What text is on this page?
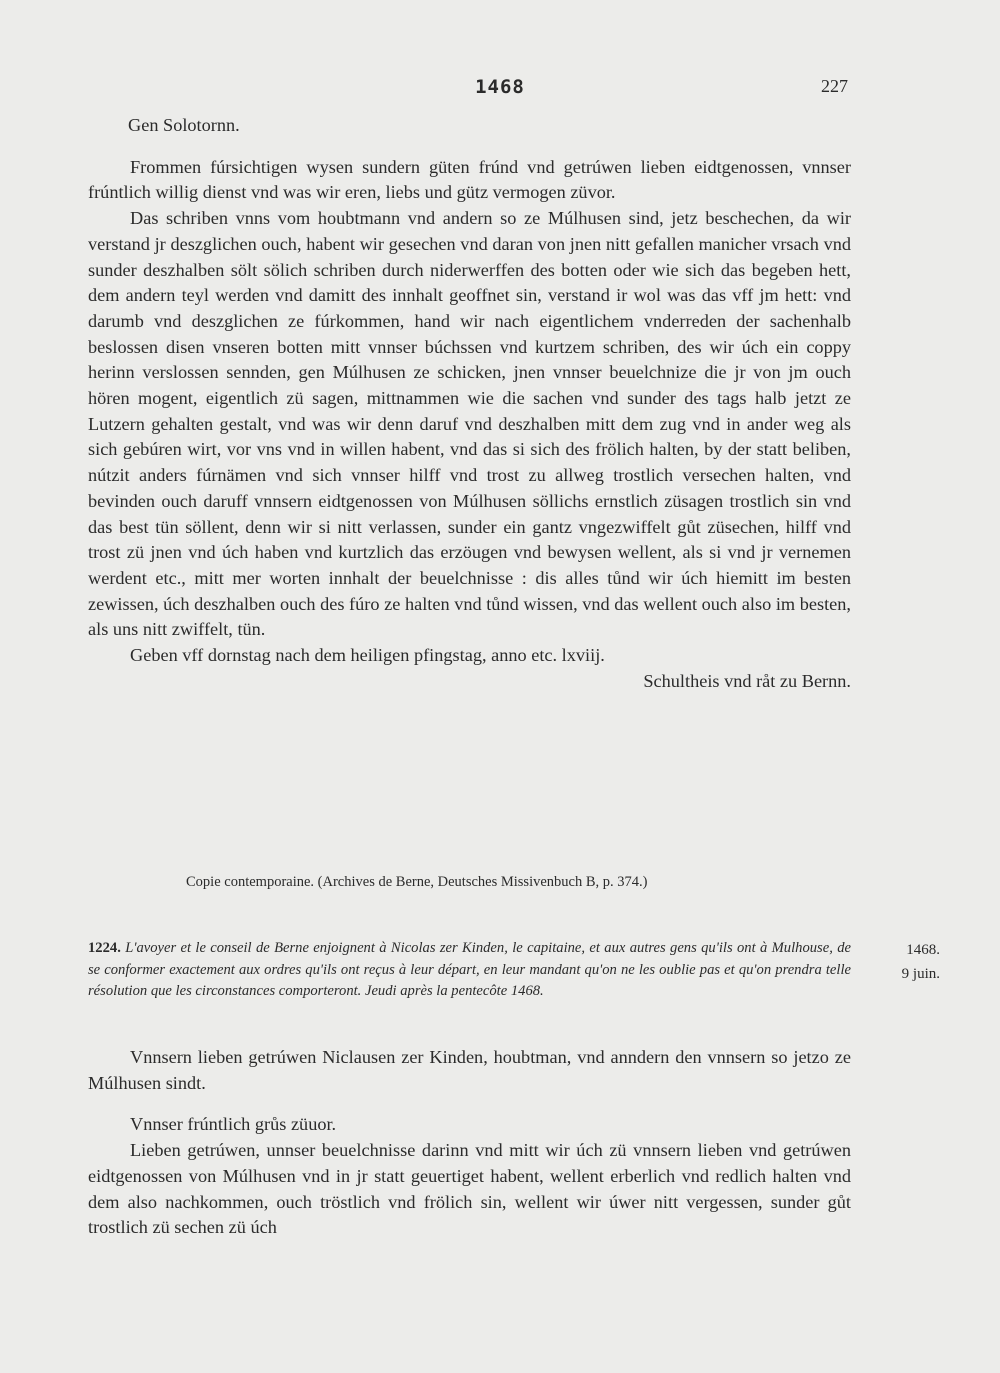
1468	227

Gen Solotornn.

Frommen fúrsichtigen wysen sundern güten frúnd vnd getrúwen lieben eidtgenossen, vnnser frúntlich willig dienst vnd was wir eren, liebs und gütz vermogen züvor.

Das schriben vnns vom houbtmann vnd andern so ze Múlhusen sind, jetz beschechen, da wir verstand jr deszglichen ouch, habent wir gesechen vnd daran von jnen nitt gefallen manicher vrsach vnd sunder deszhalben sölt sölich schriben durch niderwerffen des botten oder wie sich das begeben hett, dem andern teyl werden vnd damitt des innhalt geoffnet sin, verstand ir wol was das vff jm hett: vnd darumb vnd deszglichen ze fúrkommen, hand wir nach eigentlichem vnderreden der sachenhalb beslossen disen vnseren botten mitt vnnser búchssen vnd kurtzem schriben, des wir úch ein coppy herinn verslossen sennden, gen Múlhusen ze schicken, jnen vnnser beuelchnize die jr von jm ouch hören mogent, eigentlich zü sagen, mittnammen wie die sachen vnd sunder des tags halb jetzt ze Lutzern gehalten gestalt, vnd was wir denn daruf vnd deszhalben mitt dem zug vnd in ander weg als sich gebúren wirt, vor vns vnd in willen habent, vnd das si sich des frölich halten, by der statt beliben, nútzit anders fúrnämen vnd sich vnnser hilff vnd trost zu allweg trostlich versechen halten, vnd bevinden ouch daruff vnnsern eidtgenossen von Múlhusen söllichs ernstlich züsagen trostlich sin vnd das best tün söllent, denn wir si nitt verlassen, sunder ein gantz vngezwiffelt gůt züsechen, hilff vnd trost zü jnen vnd úch haben vnd kurtzlich das erzöugen vnd bewysen wellent, als si vnd jr vernemen werdent etc., mitt mer worten innhalt der beuelchnisse : dis alles tůnd wir úch hiemitt im besten zewissen, úch deszhalben ouch des fúro ze halten vnd tůnd wissen, vnd das wellent ouch also im besten, als uns nitt zwiffelt, tün.

Geben vff dornstag nach dem heiligen pfingstag, anno etc. lxviij.

Schultheis vnd råt zu Bernn.

Copie contemporaine. (Archives de Berne, Deutsches Missivenbuch B, p. 374.)
1224. L'avoyer et le conseil de Berne enjoignent à Nicolas zer Kinden, le capitaine, et aux autres gens qu'ils ont à Mulhouse, de se conformer exactement aux ordres qu'ils ont reçus à leur départ, en leur mandant qu'on ne les oublie pas et qu'on prendra telle résolution que les circonstances comporteront. Jeudi après la pentecôte 1468.
1468.
9 juin.

Vnnsern lieben getrúwen Niclausen zer Kinden, houbtman, vnd anndern den vnnsern so jetzo ze Múlhusen sindt.

Vnnser frúntlich grůs züuor.

Lieben getrúwen, unnser beuelchnisse darinn vnd mitt wir úch zü vnnsern lieben vnd getrúwen eidtgenossen von Múlhusen vnd in jr statt geuertiget habent, wellent erberlich vnd redlich halten vnd dem also nachkommen, ouch tröstlich vnd frölich sin, wellent wir úwer nitt vergessen, sunder gůt trostlich zü sechen zü úch
